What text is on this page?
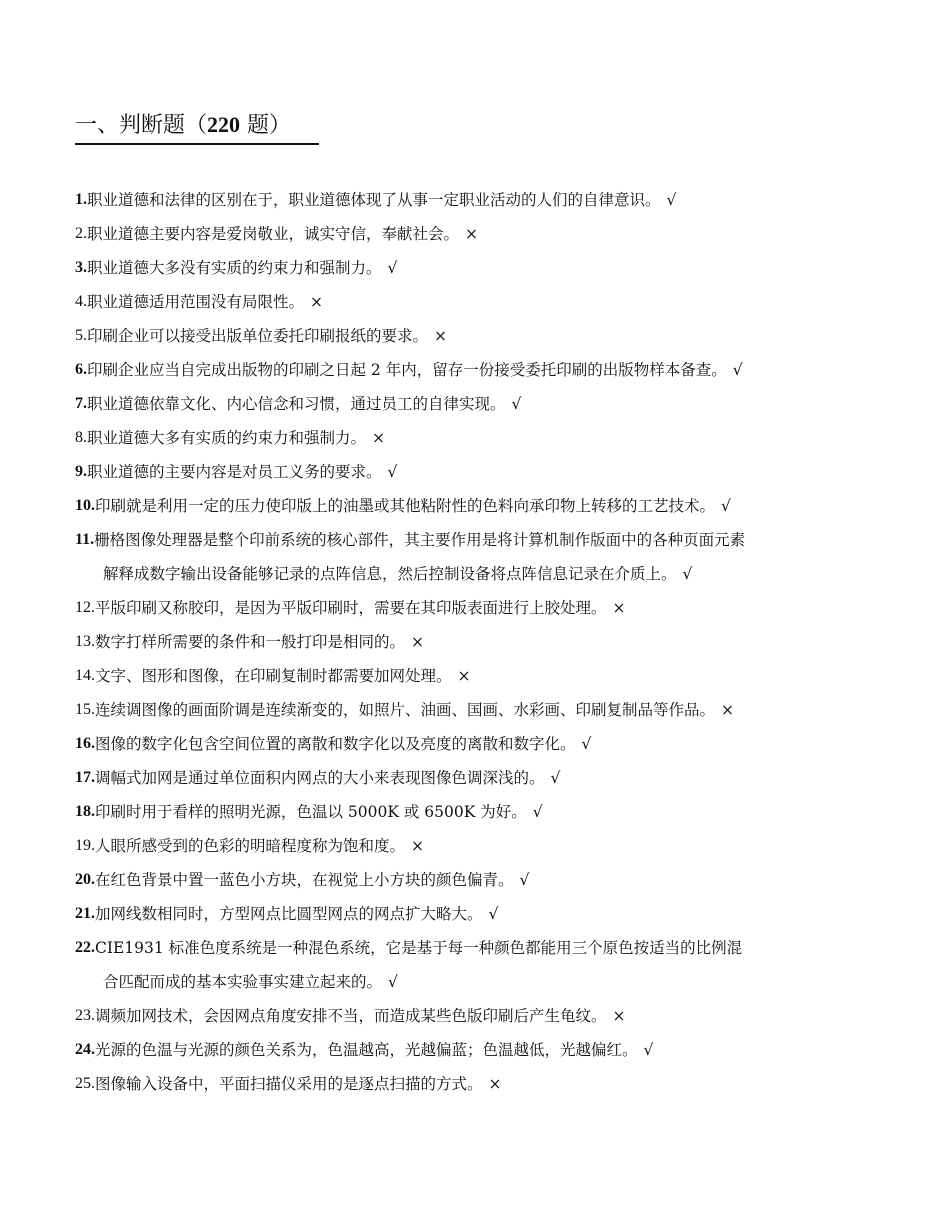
一、判断题（220 题）
1. 职业道德和法律的区别在于，职业道德体现了从事一定职业活动的人们的自律意识。 √
2. 职业道德主要内容是爱岗敬业，诚实守信，奉献社会。 ×
3. 职业道德大多没有实质的约束力和强制力。 √
4. 职业道德适用范围没有局限性。 ×
5. 印刷企业可以接受出版单位委托印刷报纸的要求。 ×
6. 印刷企业应当自完成出版物的印刷之日起 2 年内，留存一份接受委托印刷的出版物样本备查。 √
7. 职业道德依靠文化、内心信念和习惯，通过员工的自律实现。 √
8. 职业道德大多有实质的约束力和强制力。 ×
9. 职业道德的主要内容是对员工义务的要求。 √
10. 印刷就是利用一定的压力使印版上的油墨或其他粘附性的色料向承印物上转移的工艺技术。 √
11. 栅格图像处理器是整个印前系统的核心部件，其主要作用是将计算机制作版面中的各种页面元素
解释成数字输出设备能够记录的点阵信息，然后控制设备将点阵信息记录在介质上。 √
12. 平版印刷又称胶印，是因为平版印刷时，需要在其印版表面进行上胶处理。 ×
13. 数字打样所需要的条件和一般打印是相同的。 ×
14. 文字、图形和图像，在印刷复制时都需要加网处理。 ×
15. 连续调图像的画面阶调是连续渐变的，如照片、油画、国画、水彩画、印刷复制品等作品。 ×
16. 图像的数字化包含空间位置的离散和数字化以及亮度的离散和数字化。 √
17. 调幅式加网是通过单位面积内网点的大小来表现图像色调深浅的。 √
18. 印刷时用于看样的照明光源，色温以 5000K 或 6500K 为好。 √
19. 人眼所感受到的色彩的明暗程度称为饱和度。 ×
20. 在红色背景中置一蓝色小方块，在视觉上小方块的颜色偏青。 √
21. 加网线数相同时，方型网点比圆型网点的网点扩大略大。 √
22. CIE1931 标准色度系统是一种混色系统，它是基于每一种颜色都能用三个原色按适当的比例混
合匹配而成的基本实验事实建立起来的。 √
23. 调频加网技术，会因网点角度安排不当，而造成某些色版印刷后产生龟纹。 ×
24. 光源的色温与光源的颜色关系为，色温越高，光越偏蓝；色温越低，光越偏红。 √
25. 图像输入设备中，平面扫描仪采用的是逐点扫描的方式。 ×
